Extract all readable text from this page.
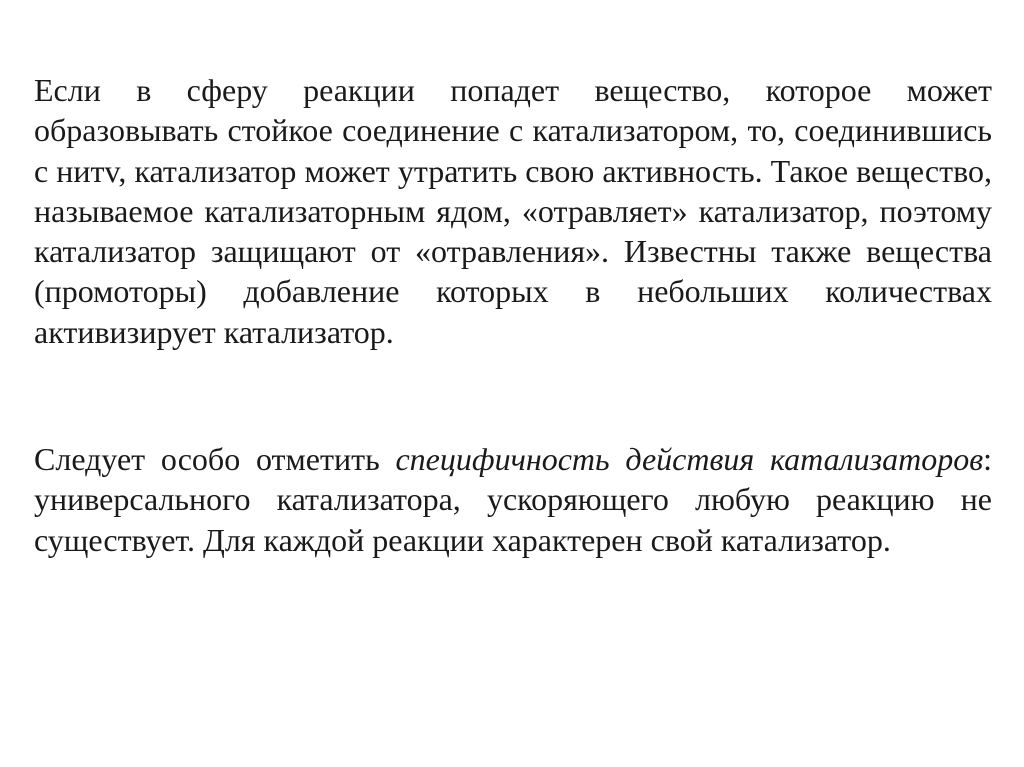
Если в сферу реакции попадет вещество, которое может образовывать стойкое соединение с катализатором, то, соединившись с нитv, катализатор может утратить свою активность. Такое вещество, называемое катализаторным ядом, «отравляет» катализатор, поэтому катализатор защищают от «отравления». Известны также вещества (промоторы) добавление которых в небольших количествах активизирует катализатор.

Следует особо отметить специфичность действия катализаторов: универсального катализатора, ускоряющего любую реакцию не существует. Для каждой реакции характерен свой катализатор.
